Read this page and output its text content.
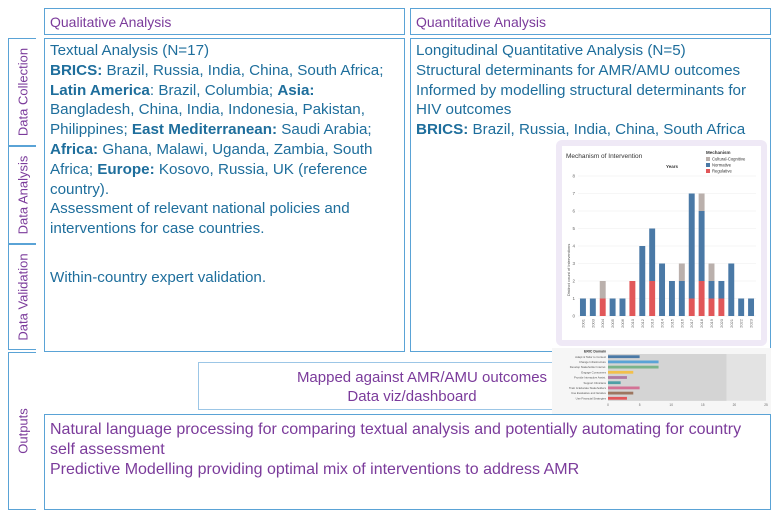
Qualitative Analysis	Quantitative Analysis
Data Collection
Data Analysis
Data Validation
Outputs
Textual Analysis (N=17)
BRICS: Brazil, Russia, India, China, South Africa; Latin America: Brazil, Columbia; Asia: Bangladesh, China, India, Indonesia, Pakistan, Philippines; East Mediterranean: Saudi Arabia; Africa: Ghana, Malawi, Uganda, Zambia, South Africa; Europe: Kosovo, Russia, UK (reference country).
Assessment of relevant national policies and interventions for case countries.
Within-country expert validation.
Longitudinal Quantitative Analysis (N=5)
Structural determinants for AMR/AMU outcomes
Informed by modelling structural determinants for HIV outcomes
BRICS: Brazil, Russia, India, China, South Africa
Mapped against AMR/AMU outcomes
Data viz/dashboard
Natural language processing for comparing textual analysis and potentially automating for country self assessment
Predictive Modelling providing optimal mix of interventions to address AMR
Mechanism of Intervention
Years
Distinct count of Interventions
Mechanism
Cultural-Cognitive
Normative
Regulative
2001 2003 2004 2005 2006 2010 2012 2013 2014 2015 2016 2017 2018 2019 2020 2021 2022 2023
0
1
2
3
4
5
6
7
8
ERIC Domain
Adapt & Tailor to Context
Change Infrastructure
Develop Stakeholder Interrel.
Engage Consumers
Provide Interactive Assist.
Support Clinicians
Train & Educate Stakeholders
Use Evaluative and Iterative
Use Financial Strategies
0	5	10	15	20	25
